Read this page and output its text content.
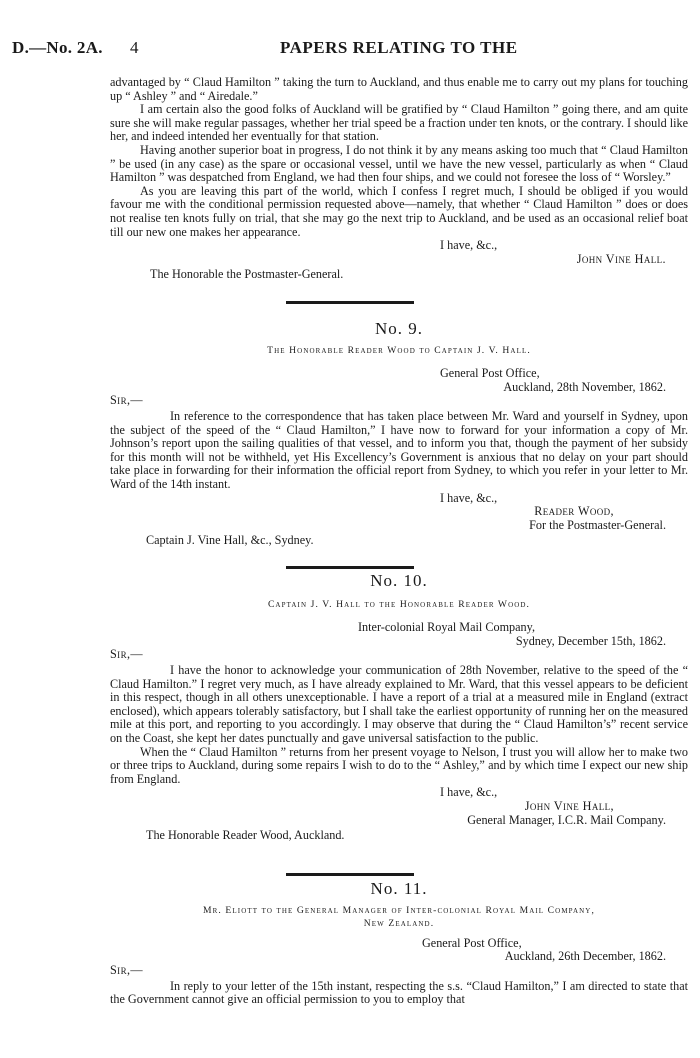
D.—No. 2A. 4	PAPERS RELATING TO THE

advantaged by “ Claud Hamilton ” taking the turn to Auckland, and thus enable me to carry out my plans for touching up “ Ashley ” and “ Airedale.”

I am certain also the good folks of Auckland will be gratified by “ Claud Hamilton ” going there, and am quite sure she will make regular passages, whether her trial speed be a fraction under ten knots, or the contrary. I should like her, and indeed intended her eventually for that station.

Having another superior boat in progress, I do not think it by any means asking too much that “ Claud Hamilton ” be used (in any case) as the spare or occasional vessel, until we have the new vessel, particularly as when “ Claud Hamilton ” was despatched from England, we had then four ships, and we could not foresee the loss of “ Worsley.”

As you are leaving this part of the world, which I confess I regret much, I should be obliged if you would favour me with the conditional permission requested above—namely, that whether “ Claud Hamilton ” does or does not realise ten knots fully on trial, that she may go the next trip to Auckland, and be used as an occasional relief boat till our new one makes her appearance.

I have, &c.,

John Vine Hall.

The Honorable the Postmaster-General.

No. 9.
The Honorable Reader Wood to Captain J. V. Hall.

General Post Office,

Auckland, 28th November, 1862.

Sir,—

In reference to the correspondence that has taken place between Mr. Ward and yourself in Sydney, upon the subject of the speed of the “ Claud Hamilton,” I have now to forward for your information a copy of Mr. Johnson’s report upon the sailing qualities of that vessel, and to inform you that, though the payment of her subsidy for this month will not be withheld, yet His Excellency’s Government is anxious that no delay on your part should take place in forwarding for their information the official report from Sydney, to which you refer in your letter to Mr. Ward of the 14th instant.

I have, &c.,

Reader Wood,

For the Postmaster-General.

Captain J. Vine Hall, &c., Sydney.

No. 10.
Captain J. V. Hall to the Honorable Reader Wood.

Inter-colonial Royal Mail Company,

Sydney, December 15th, 1862.

Sir,—

I have the honor to acknowledge your communication of 28th November, relative to the speed of the “ Claud Hamilton.” I regret very much, as I have already explained to Mr. Ward, that this vessel appears to be deficient in this respect, though in all others unexceptionable. I have a report of a trial at a measured mile in England (extract enclosed), which appears tolerably satisfactory, but I shall take the earliest opportunity of running her on the measured mile at this port, and reporting to you accordingly. I may observe that during the “ Claud Hamilton’s” recent service on the Coast, she kept her dates punctually and gave universal satisfaction to the public.

When the “ Claud Hamilton ” returns from her present voyage to Nelson, I trust you will allow her to make two or three trips to Auckland, during some repairs I wish to do to the “ Ashley,” and by which time I expect our new ship from England.

I have, &c.,

John Vine Hall,

General Manager, I.C.R. Mail Company.

The Honorable Reader Wood, Auckland.

No. 11.
Mr. Eliott to the General Manager of Inter-colonial Royal Mail Company,
New Zealand.

General Post Office,

Auckland, 26th December, 1862.

Sir,—

In reply to your letter of the 15th instant, respecting the s.s. “Claud Hamilton,” I am directed to state that the Government cannot give an official permission to you to employ that
